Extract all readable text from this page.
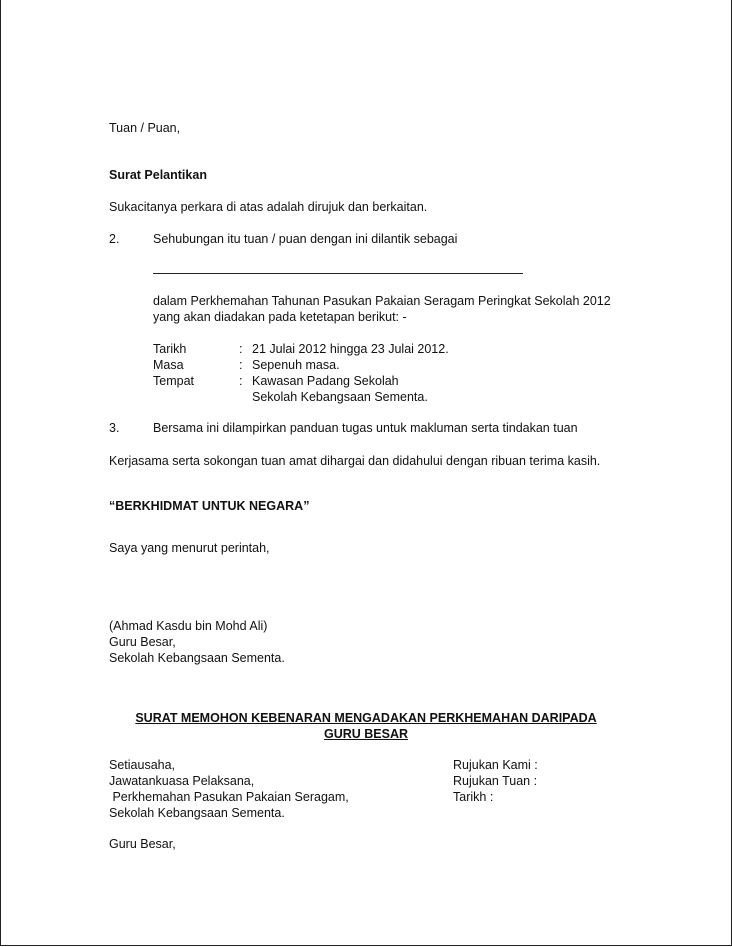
Tuan / Puan,
Surat Pelantikan
Sukacitanya perkara di atas adalah dirujuk dan berkaitan.
2.	Sehubungan itu tuan / puan dengan ini dilantik sebagai
dalam Perkhemahan Tahunan Pasukan Pakaian Seragam Peringkat Sekolah 2012
yang akan diadakan pada ketetapan berikut: -
Tarikh	: 21 Julai 2012 hingga 23 Julai 2012.
Masa	: Sepenuh masa.
Tempat	: Kawasan Padang Sekolah
Sekolah Kebangsaan Sementa.
3.	Bersama ini dilampirkan panduan tugas untuk makluman serta tindakan tuan
Kerjasama serta sokongan tuan amat dihargai dan didahului dengan ribuan terima kasih.
“BERKHIDMAT UNTUK NEGARA”
Saya yang menurut perintah,
(Ahmad Kasdu bin Mohd Ali)
Guru Besar,
Sekolah Kebangsaan Sementa.
SURAT MEMOHON KEBENARAN MENGADAKAN PERKHEMAHAN DARIPADA
GURU BESAR
Setiausaha,
Jawatankuasa Pelaksana,
Perkhemahan Pasukan Pakaian Seragam,
Sekolah Kebangsaan Sementa.
Rujukan Kami :
Rujukan Tuan :
Tarikh :
Guru Besar,
